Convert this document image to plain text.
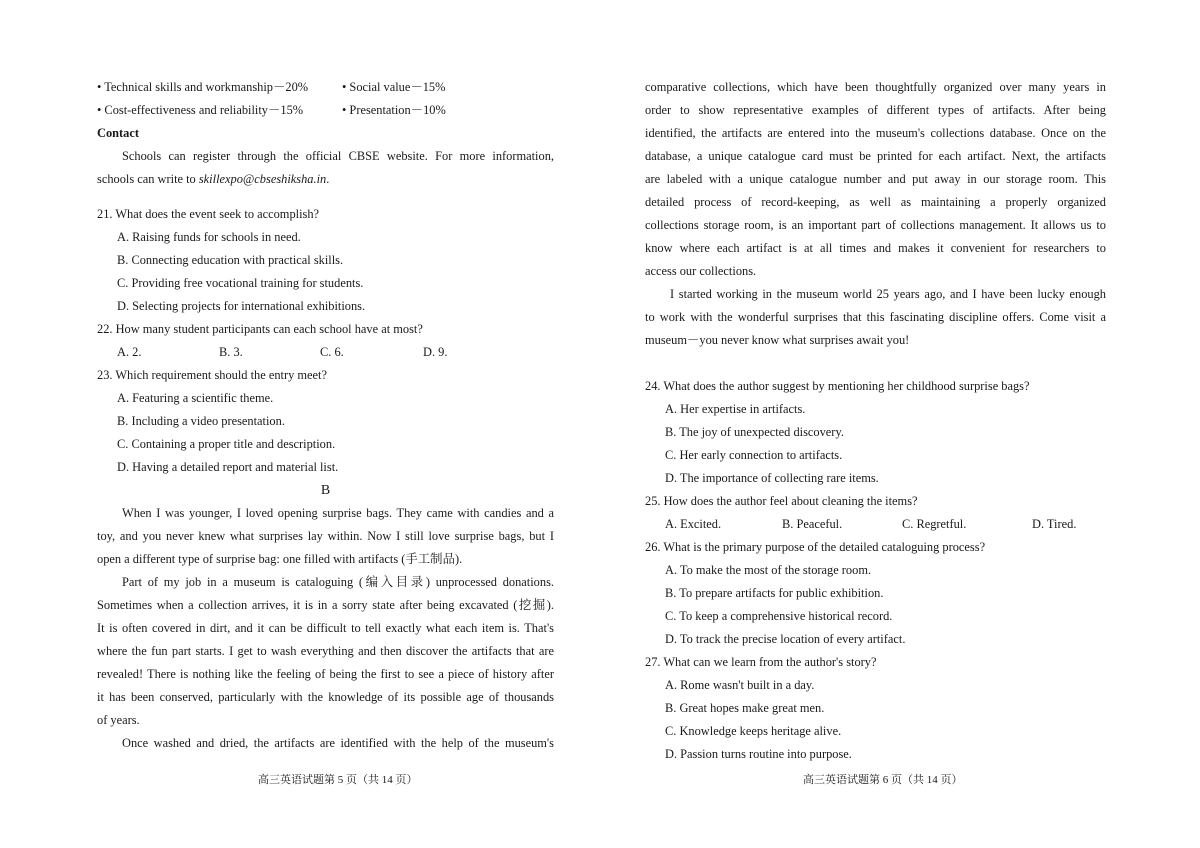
• Technical skills and workmanship－20%	• Social value－15%
• Cost-effectiveness and reliability－15%	• Presentation－10%
Contact
Schools can register through the official CBSE website. For more information,
schools can write to skillexpo@cbseshiksha.in.
21. What does the event seek to accomplish?
A. Raising funds for schools in need.
B. Connecting education with practical skills.
C. Providing free vocational training for students.
D. Selecting projects for international exhibitions.
22. How many student participants can each school have at most?
A. 2.	B. 3.	C. 6.	D. 9.
23. Which requirement should the entry meet?
A. Featuring a scientific theme.
B. Including a video presentation.
C. Containing a proper title and description.
D. Having a detailed report and material list.
B
When I was younger, I loved opening surprise bags. They came with candies and a
toy, and you never knew what surprises lay within. Now I still love surprise bags, but I
open a different type of surprise bag: one filled with artifacts (手工制品).
Part of my job in a museum is cataloguing (编入目录) unprocessed donations.
Sometimes when a collection arrives, it is in a sorry state after being excavated (挖掘).
It is often covered in dirt, and it can be difficult to tell exactly what each item is. That's
where the fun part starts. I get to wash everything and then discover the artifacts that are
revealed! There is nothing like the feeling of being the first to see a piece of history after
it has been conserved, particularly with the knowledge of its possible age of thousands
of years.
Once washed and dried, the artifacts are identified with the help of the museum's
高三英语试题第 5 页（共 14 页）
comparative collections, which have been thoughtfully organized over many years in
order to show representative examples of different types of artifacts. After being
identified, the artifacts are entered into the museum's collections database. Once on the
database, a unique catalogue card must be printed for each artifact. Next, the artifacts
are labeled with a unique catalogue number and put away in our storage room. This
detailed process of record-keeping, as well as maintaining a properly organized
collections storage room, is an important part of collections management. It allows us to
know where each artifact is at all times and makes it convenient for researchers to
access our collections.
I started working in the museum world 25 years ago, and I have been lucky enough
to work with the wonderful surprises that this fascinating discipline offers. Come visit a
museum－you never know what surprises await you!
24. What does the author suggest by mentioning her childhood surprise bags?
A. Her expertise in artifacts.
B. The joy of unexpected discovery.
C. Her early connection to artifacts.
D. The importance of collecting rare items.
25. How does the author feel about cleaning the items?
A. Excited.	B. Peaceful.	C. Regretful.	D. Tired.
26. What is the primary purpose of the detailed cataloguing process?
A. To make the most of the storage room.
B. To prepare artifacts for public exhibition.
C. To keep a comprehensive historical record.
D. To track the precise location of every artifact.
27. What can we learn from the author's story?
A. Rome wasn't built in a day.
B. Great hopes make great men.
C. Knowledge keeps heritage alive.
D. Passion turns routine into purpose.
高三英语试题第 6 页（共 14 页）
